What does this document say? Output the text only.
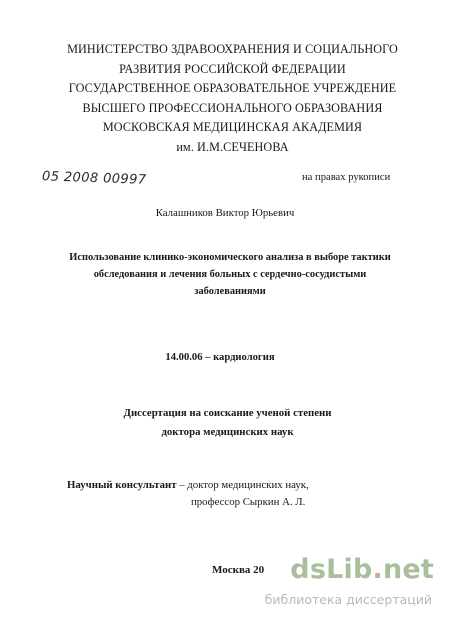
МИНИСТЕРСТВО ЗДРАВООХРАНЕНИЯ И СОЦИАЛЬНОГО
РАЗВИТИЯ РОССИЙСКОЙ ФЕДЕРАЦИИ
ГОСУДАРСТВЕННОЕ ОБРАЗОВАТЕЛЬНОЕ УЧРЕЖДЕНИЕ
ВЫСШЕГО ПРОФЕССИОНАЛЬНОГО ОБРАЗОВАНИЯ
МОСКОВСКАЯ МЕДИЦИНСКАЯ АКАДЕМИЯ
им. И.М.СЕЧЕНОВА
05 2008 00997	на правах рукописи
Калашников Виктор Юрьевич
Использование клинико-экономического анализа в выборе тактики
обследования и лечения больных с сердечно-сосудистыми
заболеваниями
14.00.06 – кардиология
Диссертация на соискание ученой степени
доктора медицинских наук
Научный консультант – доктор медицинских наук,
профессор Сыркин А. Л.
Москва 20 dsLib.net
библиотека диссертаций
